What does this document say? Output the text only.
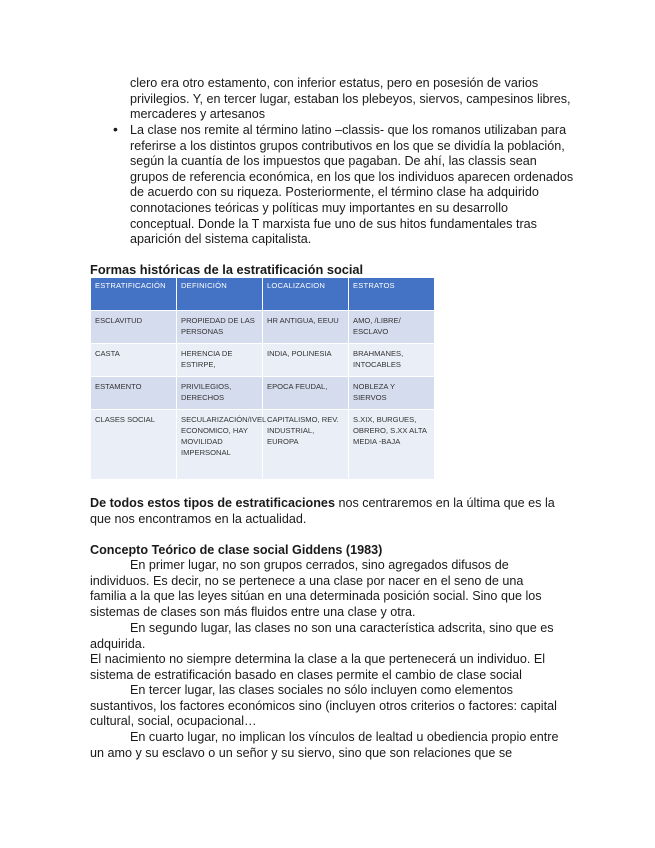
clero era otro estamento, con inferior estatus, pero en posesión de varios privilegios. Y, en tercer lugar, estaban los plebeyos, siervos, campesinos libres, mercaderes y artesanos
• La clase nos remite al término latino –classis- que los romanos utilizaban para referirse a los distintos grupos contributivos en los que se dividía la población, según la cuantía de los impuestos que pagaban. De ahí, las classis sean grupos de referencia económica, en los que los individuos aparecen ordenados de acuerdo con su riqueza. Posteriormente, el término clase ha adquirido connotaciones teóricas y políticas muy importantes en su desarrollo conceptual. Donde la T marxista fue uno de sus hitos fundamentales tras aparición del sistema capitalista.
Formas históricas de la estratificación social
ESTRATIFICACIÓN	DEFINICIÓN	LOCALIZACION	ESTRATOS
ESCLAVITUD	PROPIEDAD DE LAS PERSONAS	HR ANTIGUA, EEUU	AMO, /LIBRE/ ESCLAVO
CASTA	HERENCIA DE ESTIRPE,	INDIA, POLINESIA	BRAHMANES, INTOCABLES
ESTAMENTO	PRIVILEGIOS, DERECHOS	EPOCA FEUDAL,	NOBLEZA Y SIERVOS
CLASES SOCIAL	SECULARIZACIÓN/IVEL ECONOMICO, HAY MOVILIDAD IMPERSONAL	CAPITALISMO, REV. INDUSTRIAL, EUROPA	S.XIX, BURGUES, OBRERO, S.XX ALTA MEDIA -BAJA
De todos estos tipos de estratificaciones nos centraremos en la última que es la que nos encontramos en la actualidad.
Concepto Teórico de clase social Giddens (1983)
En primer lugar, no son grupos cerrados, sino agregados difusos de individuos. Es decir, no se pertenece a una clase por nacer en el seno de una familia a la que las leyes sitúan en una determinada posición social. Sino que los sistemas de clases son más fluidos entre una clase y otra.
En segundo lugar, las clases no son una característica adscrita, sino que es adquirida.
El nacimiento no siempre determina la clase a la que pertenecerá un individuo. El sistema de estratificación basado en clases permite el cambio de clase social
En tercer lugar, las clases sociales no sólo incluyen como elementos sustantivos, los factores económicos sino (incluyen otros criterios o factores: capital cultural, social, ocupacional…
En cuarto lugar, no implican los vínculos de lealtad u obediencia propio entre un amo y su esclavo o un señor y su siervo, sino que son relaciones que se
